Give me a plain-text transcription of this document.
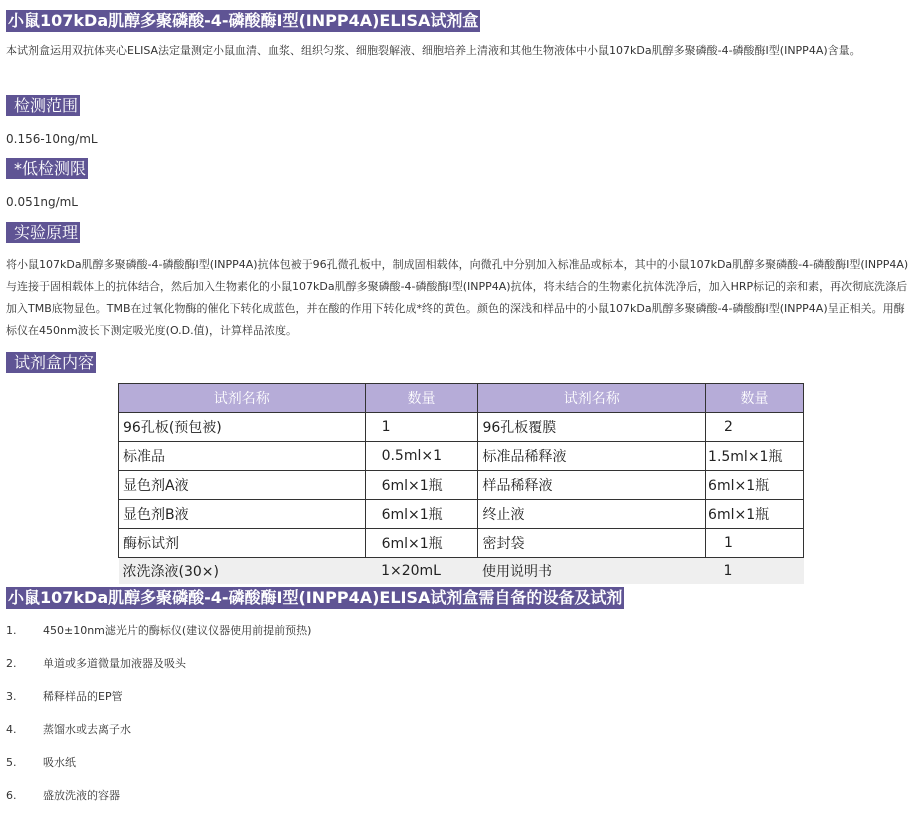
小鼠107kDa肌醇多聚磷酸-4-磷酸酶Ⅰ型(INPP4A)ELISA试剂盒

本试剂盒运用双抗体夹心ELISA法定量测定小鼠血清、血浆、组织匀浆、细胞裂解液、细胞培养上清液和其他生物液体中小鼠107kDa肌醇多聚磷酸-4-磷酸酶Ⅰ型(INPP4A)含量。

检测范围
0.156-10ng/mL
*低检测限
0.051ng/mL
实验原理

将小鼠107kDa肌醇多聚磷酸-4-磷酸酶Ⅰ型(INPP4A)抗体包被于96孔微孔板中，制成固相载体，向微孔中分别加入标准品或标本，其中的小鼠107kDa肌醇多聚磷酸-4-磷酸酶Ⅰ型(INPP4A)与连接于固相载体上的抗体结合，然后加入生物素化的小鼠107kDa肌醇多聚磷酸-4-磷酸酶Ⅰ型(INPP4A)抗体，将未结合的生物素化抗体洗净后，加入HRP标记的亲和素，再次彻底洗涤后加入TMB底物显色。TMB在过氧化物酶的催化下转化成蓝色，并在酸的作用下转化成*终的黄色。颜色的深浅和样品中的小鼠107kDa肌醇多聚磷酸-4-磷酸酶Ⅰ型(INPP4A)呈正相关。用酶标仪在450nm波长下测定吸光度(O.D.值)，计算样品浓度。

试剂盒内容
试剂名称	数量	试剂名称	数量
96孔板(预包被)	1	96孔板覆膜	2
标准品	0.5ml×1	标准品稀释液	1.5ml×1瓶
显色剂A液	6ml×1瓶	样品稀释液	6ml×1瓶
显色剂B液	6ml×1瓶	终止液	6ml×1瓶
酶标试剂	6ml×1瓶	密封袋	1
浓洗涤液(30×)	1×20mL	使用说明书	1
小鼠107kDa肌醇多聚磷酸-4-磷酸酶Ⅰ型(INPP4A)ELISA试剂盒需自备的设备及试剂
1. 450±10nm滤光片的酶标仪(建议仪器使用前提前预热)
2. 单道或多道微量加液器及吸头
3. 稀释样品的EP管
4. 蒸馏水或去离子水
5. 吸水纸
6. 盛放洗液的容器
